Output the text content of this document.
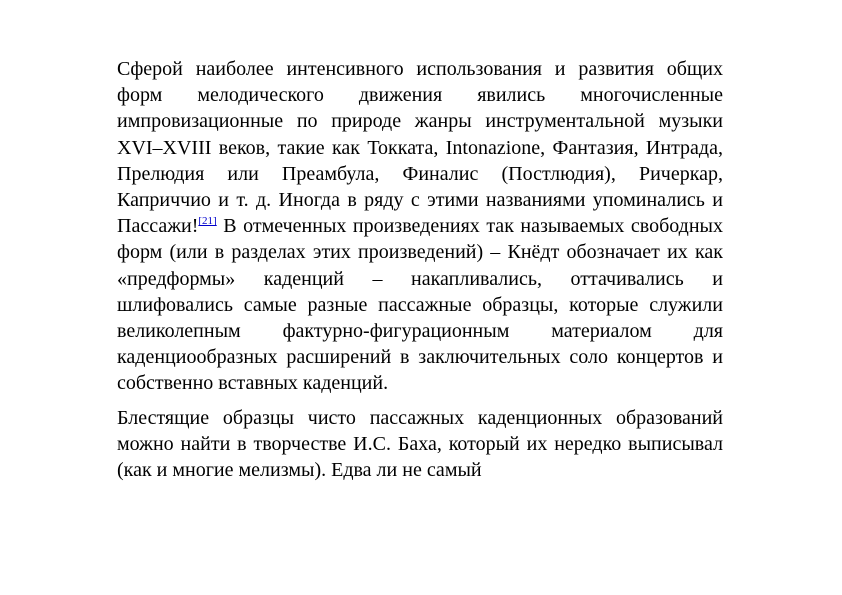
Сферой наиболее интенсивного использования и развития общих форм мелодического движения явились многочисленные импровизационные по природе жанры инструментальной музыки XVI–XVIII веков, такие как Токката, Intonazione, Фантазия, Интрада, Прелюдия или Преамбула, Финалис (Постлюдия), Ричеркар, Каприччио и т. д. Иногда в ряду с этими названиями упоминались и Пассажи![21] В отмеченных произведениях так называемых свободных форм (или в разделах этих произведений) – Кнёдт обозначает их как «предформы» каденций – накапливались, оттачивались и шлифовались самые разные пассажные образцы, которые служили великолепным фактурно-фигурационным материалом для каденциообразных расширений в заключительных соло концертов и собственно вставных каденций.

Блестящие образцы чисто пассажных каденционных образований можно найти в творчестве И.С. Баха, который их нередко выписывал (как и многие мелизмы). Едва ли не самый
